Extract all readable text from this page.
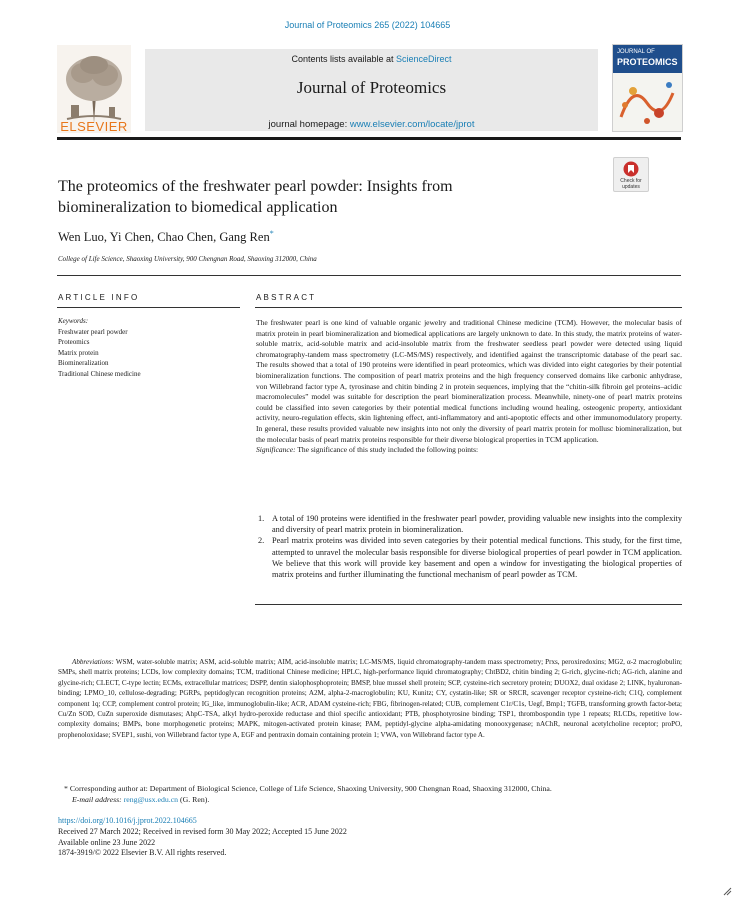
Journal of Proteomics 265 (2022) 104665
ELSEVIER
Contents lists available at ScienceDirect
Journal of Proteomics
journal homepage: www.elsevier.com/locate/jprot
JOURNAL OF
PROTEOMICS
Check for updates
The proteomics of the freshwater pearl powder: Insights from
biomineralization to biomedical application
Wen Luo, Yi Chen, Chao Chen, Gang Ren*
College of Life Science, Shaoxing University, 900 Chengnan Road, Shaoxing 312000, China
ARTICLE INFO
Keywords:
Freshwater pearl powder
Proteomics
Matrix protein
Biomineralization
Traditional Chinese medicine
ABSTRACT
The freshwater pearl is one kind of valuable organic jewelry and traditional Chinese medicine (TCM). However, the molecular basis of matrix protein in pearl biomineralization and biomedical applications are largely unknown to date. In this study, the matrix proteins of water-soluble matrix, acid-soluble matrix and acid-insoluble matrix from the freshwater seedless pearl powder were detected using liquid chromatography-tandem mass spectrometry (LC-MS/MS) respectively, and identified against the transcriptomic database of the pearl sac. The results showed that a total of 190 proteins were identified in pearl proteomics, which was divided into eight categories by their potential biomineralization functions. The composition of pearl matrix proteins and the high frequency conserved domains like carbonic anhydrase, von Willebrand factor type A, tyrosinase and chitin binding 2 in protein sequences, implying that the “chitin-silk fibroin gel proteins–acidic macromolecules” model was suitable for description the pearl biomineralization process. Meanwhile, ninety-one of pearl matrix proteins could be classified into seven categories by their potential medical functions including wound healing, osteogenic property, antioxidant activity, neuro-regulation effects, skin lightening effect, anti-inflammatory and anti-apoptotic effects and other immunomodulatory property. In general, these results provided valuable new insights into not only the diversity of pearl matrix protein for mollusc biomineralization, but the molecular basis of pearl matrix proteins responsible for their diverse biological properties in TCM application.
Significance: The significance of this study included the following points:
1. A total of 190 proteins were identified in the freshwater pearl powder, providing valuable new insights into the complexity and diversity of pearl matrix protein in biomineralization.
2. Pearl matrix proteins was divided into seven categories by their potential medical functions. This study, for the first time, attempted to unravel the molecular basis responsible for diverse biological properties of pearl powder in TCM application. We believe that this work will provide key basement and open a window for investigating the biological properties of matrix proteins and further illuminating the functional mechanism of pearl powder as TCM.
Abbreviations: WSM, water-soluble matrix; ASM, acid-soluble matrix; AIM, acid-insoluble matrix; LC-MS/MS, liquid chromatography-tandem mass spectrometry; Prxs, peroxiredoxins; MG2, α-2 macroglobulin; SMPs, shell matrix proteins; LCDs, low complexity domains; TCM, traditional Chinese medicine; HPLC, high-performance liquid chromatography; ChtBD2, chitin binding 2; G-rich, glycine-rich; AG-rich, alanine and glycine-rich; CLECT, C-type lectin; ECMs, extracellular matrices; DSPP, dentin sialophosphoprotein; BMSP, blue mussel shell protein; SCP, cysteine-rich secretory protein; DUOX2, dual oxidase 2; LINK, hyaluronan-binding; LPMO_10, cellulose-degrading; PGRPs, peptidoglycan recognition proteins; A2M, alpha-2-macroglobulin; KU, Kunitz; CY, cystatin-like; SR or SRCR, scavenger receptor cysteine-rich; C1Q, complement component 1q; CCP, complement control protein; IG_like, immunoglobulin-like; ACR, ADAM cysteine-rich; FBG, fibrinogen-related; CUB, complement C1r/C1s, Uegf, Bmp1; TGFB, transforming growth factor-beta; Cu/Zn SOD, CuZn superoxide dismutases; AhpC-TSA, alkyl hydro-peroxide reductase and thiol specific antioxidant; PTB, phosphotyrosine binding; TSP1, thrombospondin type 1 repeats; RLCDs, repetitive low-complexity domains; BMPs, bone morphogenetic proteins; MAPK, mitogen-activated protein kinase; PAM, peptidyl-glycine alpha-amidating monooxygenase; nAChR, neuronal acetylcholine receptor; proPO, prophenoloxidase; SVEP1, sushi, von Willebrand factor type A, EGF and pentraxin domain containing protein 1; VWA, von Willebrand factor type A.
* Corresponding author at: Department of Biological Science, College of Life Science, Shaoxing University, 900 Chengnan Road, Shaoxing 312000, China.
E-mail address: reng@usx.edu.cn (G. Ren).
https://doi.org/10.1016/j.jprot.2022.104665
Received 27 March 2022; Received in revised form 30 May 2022; Accepted 15 June 2022
Available online 23 June 2022
1874-3919/© 2022 Elsevier B.V. All rights reserved.
